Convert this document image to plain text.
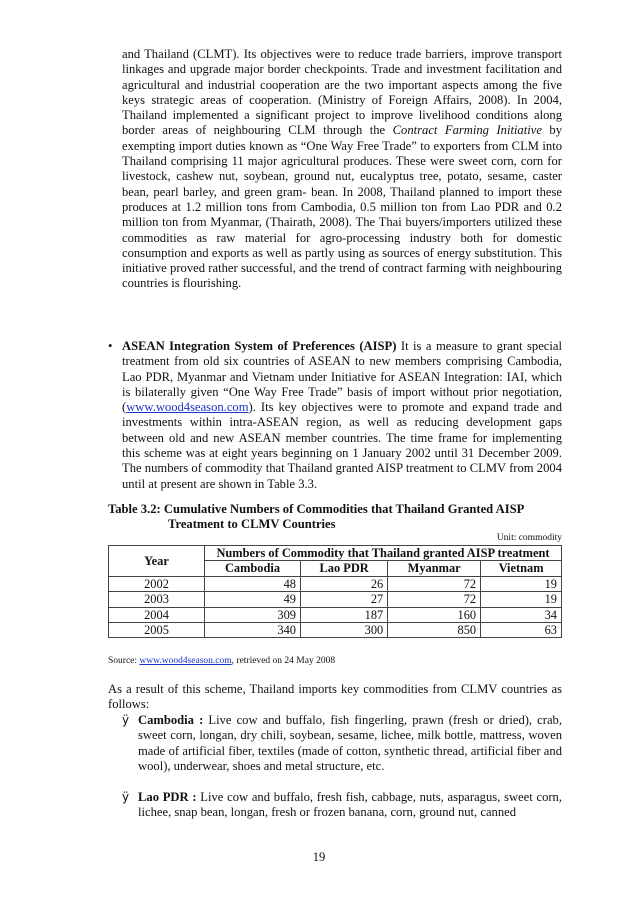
and Thailand (CLMT). Its objectives were to reduce trade barriers, improve transport linkages and upgrade major border checkpoints. Trade and investment facilitation and agricultural and industrial cooperation are the two important aspects among the five keys strategic areas of cooperation. (Ministry of Foreign Affairs, 2008). In 2004, Thailand implemented a significant project to improve livelihood conditions along border areas of neighbouring CLM through the Contract Farming Initiative by exempting import duties known as “One Way Free Trade” to exporters from CLM into Thailand comprising 11 major agricultural produces. These were sweet corn, corn for livestock, cashew nut, soybean, ground nut, eucalyptus tree, potato, sesame, caster bean, pearl barley, and green gram- bean. In 2008, Thailand planned to import these produces at 1.2 million tons from Cambodia, 0.5 million ton from Lao PDR and 0.2 million ton from Myanmar, (Thairath, 2008). The Thai buyers/importers utilized these commodities as raw material for agro-processing industry both for domestic consumption and exports as well as partly using as sources of energy substitution. This initiative proved rather successful, and the trend of contract farming with neighbouring countries is flourishing.
• ASEAN Integration System of Preferences (AISP) It is a measure to grant special treatment from old six countries of ASEAN to new members comprising Cambodia, Lao PDR, Myanmar and Vietnam under Initiative for ASEAN Integration: IAI, which is bilaterally given “One Way Free Trade” basis of import without prior negotiation, (www.wood4season.com). Its key objectives were to promote and expand trade and investments within intra-ASEAN region, as well as reducing development gaps between old and new ASEAN member countries. The time frame for implementing this scheme was at eight years beginning on 1 January 2002 until 31 December 2009. The numbers of commodity that Thailand granted AISP treatment to CLMV from 2004 until at present are shown in Table 3.3.
Table 3.2: Cumulative Numbers of Commodities that Thailand Granted AISP
Treatment to CLMV Countries
Unit: commodity
Year	Numbers of Commodity that Thailand granted AISP treatment			
	Cambodia	Lao PDR	Myanmar	Vietnam
2002	48	26	72	19
2003	49	27	72	19
2004	309	187	160	34
2005	340	300	850	63
Source: www.wood4season.com, retrieved on 24 May 2008
As a result of this scheme, Thailand imports key commodities from CLMV countries as follows:
ÿ Cambodia : Live cow and buffalo, fish fingerling, prawn (fresh or dried), crab, sweet corn, longan, dry chili, soybean, sesame, lichee, milk bottle, mattress, woven made of artificial fiber, textiles (made of cotton, synthetic thread, artificial fiber and wool), underwear, shoes and metal structure, etc.
ÿ Lao PDR : Live cow and buffalo, fresh fish, cabbage, nuts, asparagus, sweet corn, lichee, snap bean, longan, fresh or frozen banana, corn, ground nut, canned
19
